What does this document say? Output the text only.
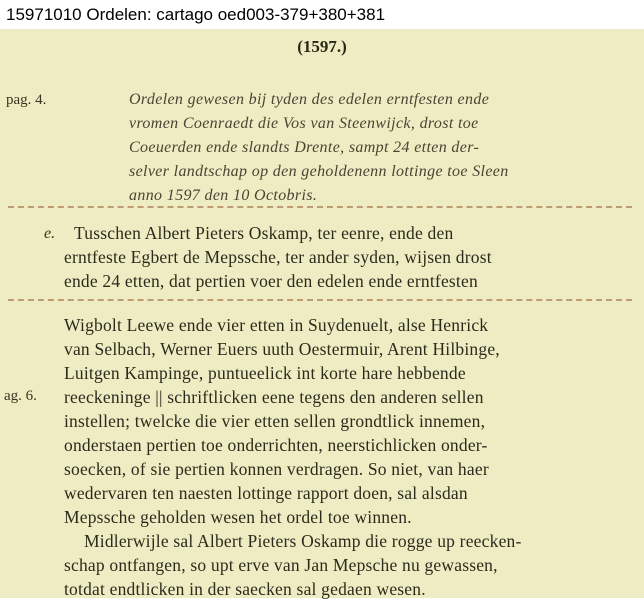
15971010 Ordelen: cartago oed003-379+380+381
(1597.)
pag. 4.	Ordelen gewesen bij tyden des edelen erntfesten ende
vromen Coenraedt die Vos van Steenwijck, drost toe
Coeuerden ende slandts Drente, sampt 24 etten der-
selver landtschap op den geholdenenn lottinge toe Sleen
anno 1597 den 10 Octobris.
e.	Tusschen Albert Pieters Oskamp, ter eenre, ende den
erntfeste Egbert de Mepssche, ter ander syden, wijsen drost
ende 24 etten, dat pertien voer den edelen ende erntfesten
ag. 6.
Wigbolt Leewe ende vier etten in Suydenuelt, alse Henrick
van Selbach, Werner Euers uuth Oestermuir, Arent Hilbinge,
Luitgen Kampinge, puntueelick int korte hare hebbende
reeckeninge || schriftlicken eene tegens den anderen sellen
instellen; twelcke die vier etten sellen grondtlick innemen,
onderstaen pertien toe onderrichten, neerstichlicken onder-
soecken, of sie pertien konnen verdragen. So niet, van haer
wedervaren ten naesten lottinge rapport doen, sal alsdan
Mepssche geholden wesen het ordel toe winnen.
Midlerwijle sal Albert Pieters Oskamp die rogge up reecken-
schap ontfangen, so upt erve van Jan Mepsche nu gewassen,
totdat endtlicken in der saecken sal gedaen wesen.
